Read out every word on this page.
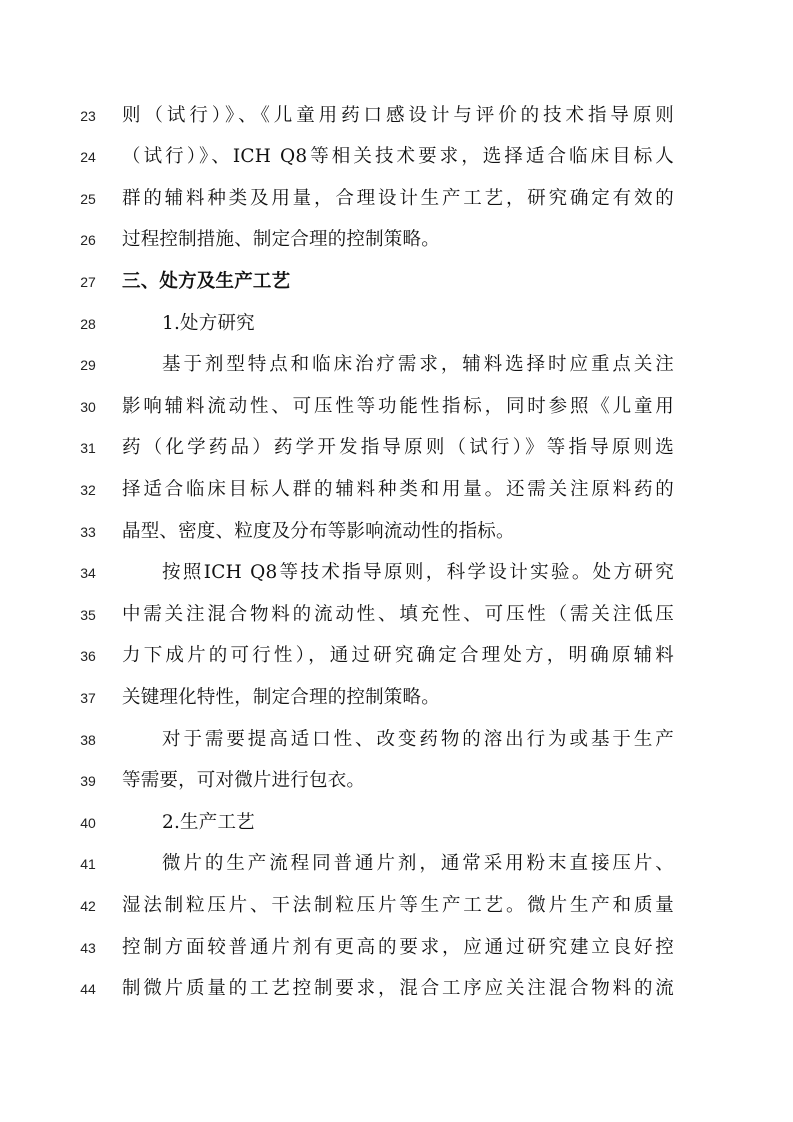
23	则（试行）》、《儿童用药口感设计与评价的技术指导原则
24	（试行）》、ICH Q8等相关技术要求，选择适合临床目标人
25	群的辅料种类及用量，合理设计生产工艺，研究确定有效的
26	过程控制措施、制定合理的控制策略。
27	三、处方及生产工艺
28	1.处方研究
29	基于剂型特点和临床治疗需求，辅料选择时应重点关注
30	影响辅料流动性、可压性等功能性指标，同时参照《儿童用
31	药（化学药品）药学开发指导原则（试行）》等指导原则选
32	择适合临床目标人群的辅料种类和用量。还需关注原料药的
33	晶型、密度、粒度及分布等影响流动性的指标。
34	按照ICH Q8等技术指导原则，科学设计实验。处方研究
35	中需关注混合物料的流动性、填充性、可压性（需关注低压
36	力下成片的可行性），通过研究确定合理处方，明确原辅料
37	关键理化特性，制定合理的控制策略。
38	对于需要提高适口性、改变药物的溶出行为或基于生产
39	等需要，可对微片进行包衣。
40	2.生产工艺
41	微片的生产流程同普通片剂，通常采用粉末直接压片、
42	湿法制粒压片、干法制粒压片等生产工艺。微片生产和质量
43	控制方面较普通片剂有更高的要求，应通过研究建立良好控
44	制微片质量的工艺控制要求，混合工序应关注混合物料的流
